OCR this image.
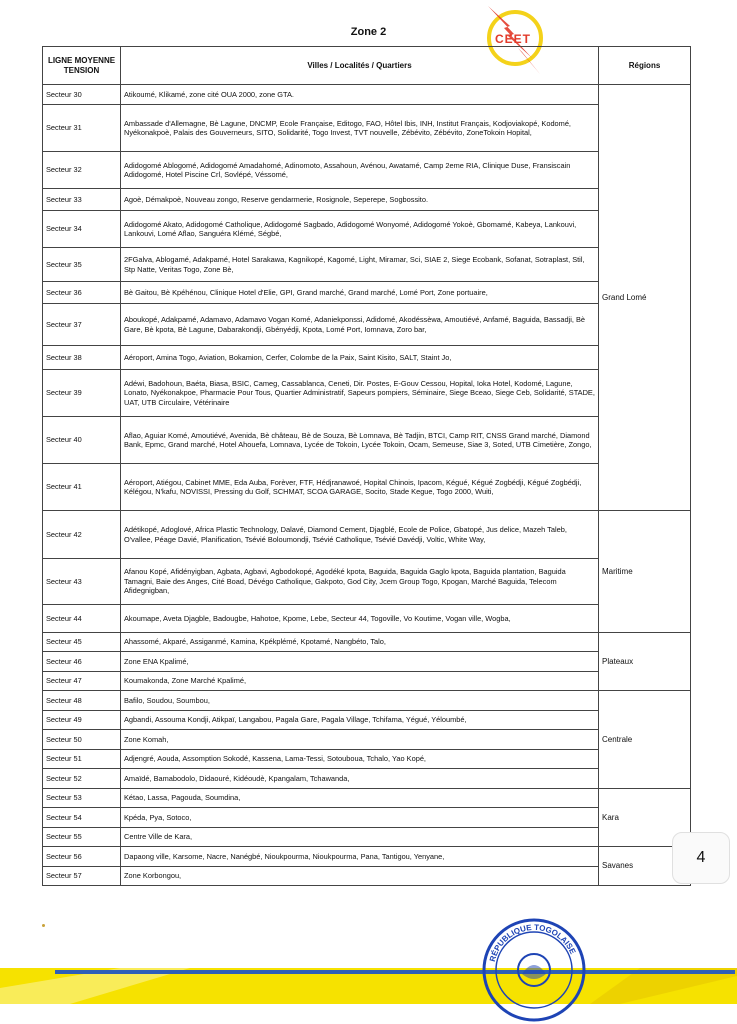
Zone 2	CEET
LIGNE MOYENNE TENSION	Villes / Localités / Quartiers	Régions
Secteur 30	Atikoumé, Klikamé, zone cité OUA 2000, zone GTA.	Grand Lomé
Secteur 31	Ambassade d'Allemagne, Bè Lagune, DNCMP, Ecole Française, Editogo, FAO, Hôtel Ibis, INH, Institut Français, Kodjoviakopé, Kodomé, Nyékonakpoè, Palais des Gouverneurs, SITO, Solidarité, Togo Invest, TVT nouvelle, Zébévito, Zébévito, ZoneTokoin Hopital,	
Secteur 32	Adidogomé Ablogomé, Adidogomé Amadahomé, Adinomoto, Assahoun, Avénou, Awatamé, Camp 2eme RIA, Clinique Duse, Fransiscain Adidogomé, Hotel Piscine Crl, Sovlépé, Véssomé,	
Secteur 33	Agoè, Démakpoè, Nouveau zongo, Reserve gendarmerie, Rosignole, Seperepe, Sogbossito.	
Secteur 34	Adidogomé Akato, Adidogomé Catholique, Adidogomé Sagbado, Adidogomé Wonyomé, Adidogomé Yokoè, Gbomamé, Kabeya, Lankouvi, Lankouvi, Lomé Aflao, Sanguéra Klémé, Ségbé,	
Secteur 35	2FGalva, Ablogamé, Adakpamé, Hotel Sarakawa, Kagnikopé, Kagomé, Light, Miramar, Sci, SIAE 2, Siege Ecobank, Sofanat, Sotraplast, Stil, Stp Natte, Veritas Togo, Zone Bè,	
Secteur 36	Bè Gaitou, Bè Kpéhénou, Clinique Hotel d'Elie, GPI, Grand marché, Grand marché, Lomé Port, Zone portuaire,	
Secteur 37	Aboukopé, Adakpamé, Adamavo, Adamavo Vogan Komé, Adaniekponssi, Adidomé, Akodéssèwa, Amoutiévé, Anfamé, Baguida, Bassadji, Bè Gare, Bè kpota, Bè Lagune, Dabarakondji, Gbényédji, Kpota, Lomé Port, Iomnava, Zoro bar,	
Secteur 38	Aéroport, Amina Togo, Aviation, Bokamion, Cerfer, Colombe de la Paix, Saint Kisito, SALT, Staint Jo,	
Secteur 39	Adéwi, Badohoun, Baéta, Biasa, BSIC, Cameg, Cassablanca, Ceneti, Dir. Postes, E-Gouv Cessou, Hopital, Ioka Hotel, Kodomé, Lagune, Lonato, Nyékonakpoe, Pharmacie Pour Tous, Quartier Administratif, Sapeurs pompiers, Séminaire, Siege Bceao, Siege Ceb, Solidarité, STADE, UAT, UTB Circulaire, Vétérinaire	
Secteur 40	Aflao, Aguiar Komé, Amoutiévé, Avenida, Bè château, Bè de Souza, Bè Lomnava, Bè Tadjin, BTCI, Camp RIT, CNSS Grand marché, Diamond Bank, Epmc, Grand marché, Hotel Ahouefa, Lomnava, Lycée de Tokoin, Lycée Tokoin, Ocam, Semeuse, Siae 3, Soted, UTB Cimetière, Zongo,	
Secteur 41	Aéroport, Atiégou, Cabinet MME, Eda Auba, Forèver, FTF, Hédjranawoé, Hopital Chinois, Ipacom, Kégué, Kégué Zogbédji, Kégué Zogbédji, Kélégou, N'kafu, NOVISSI, Pressing du Golf, SCHMAT, SCOA GARAGE, Socito, Stade Kegue, Togo 2000, Wuiti,	
Secteur 42	Adétikopé, Adoglové, Africa Plastic Technology, Dalavé, Diamond Cement, Djagblé, Ecole de Police, Gbatopé, Jus delice, Mazeh Taleb, O'vallee, Péage Davié, Planification, Tsévié Boloumondji, Tsévié Catholique, Tsévié Davédji, Voltic, White Way,	Maritime
Secteur 43	Afanou Kopé, Afidényigban, Agbata, Agbavi, Agbodokopé, Agodéké kpota, Baguida, Baguida Gaglo kpota, Baguida plantation, Baguida Tamagni, Baie des Anges, Cité Boad, Dévégo Catholique, Gakpoto, God City, Jcem Group Togo, Kpogan, Marché Baguida, Telecom Afidegnigban,	
Secteur 44	Akoumape, Aveta Djagble, Badougbe, Hahotoe, Kpome, Lebe, Secteur 44, Togoville, Vo Koutime, Vogan ville, Wogba,	
Secteur 45	Ahassomé, Akparé, Assiganmé, Kamina, Kpékplémé, Kpotamé, Nangbéto, Talo,	Plateaux
Secteur 46	Zone ENA Kpalimé,	
Secteur 47	Koumakonda, Zone Marché Kpalimé,	
Secteur 48	Bafilo, Soudou, Soumbou,	Centrale
Secteur 49	Agbandi, Assouma Kondji, Atikpaï, Langabou, Pagala Gare, Pagala Village, Tchifama, Yégué, Yéloumbé,	
Secteur 50	Zone Komah,	
Secteur 51	Adjengré, Aouda, Assomption Sokodé, Kassena, Lama-Tessi, Sotouboua, Tchalo, Yao Kopé,	
Secteur 52	Amaïdé, Bamabodolo, Didaouré, Kidéoudè, Kpangalam, Tchawanda,	
Secteur 53	Kétao, Lassa, Pagouda, Soumdina,	Kara
Secteur 54	Kpéda, Pya, Sotoco,	
Secteur 55	Centre Ville de Kara,	
Secteur 56	Dapaong ville, Karsome, Nacre, Nanégbé, Nioukpourma, Nioukpourma, Pana, Tantigou, Yenyane,	Savanes
Secteur 57	Zone Korbongou,	
4
RÉPUBLIQUE TOGOLAISE
